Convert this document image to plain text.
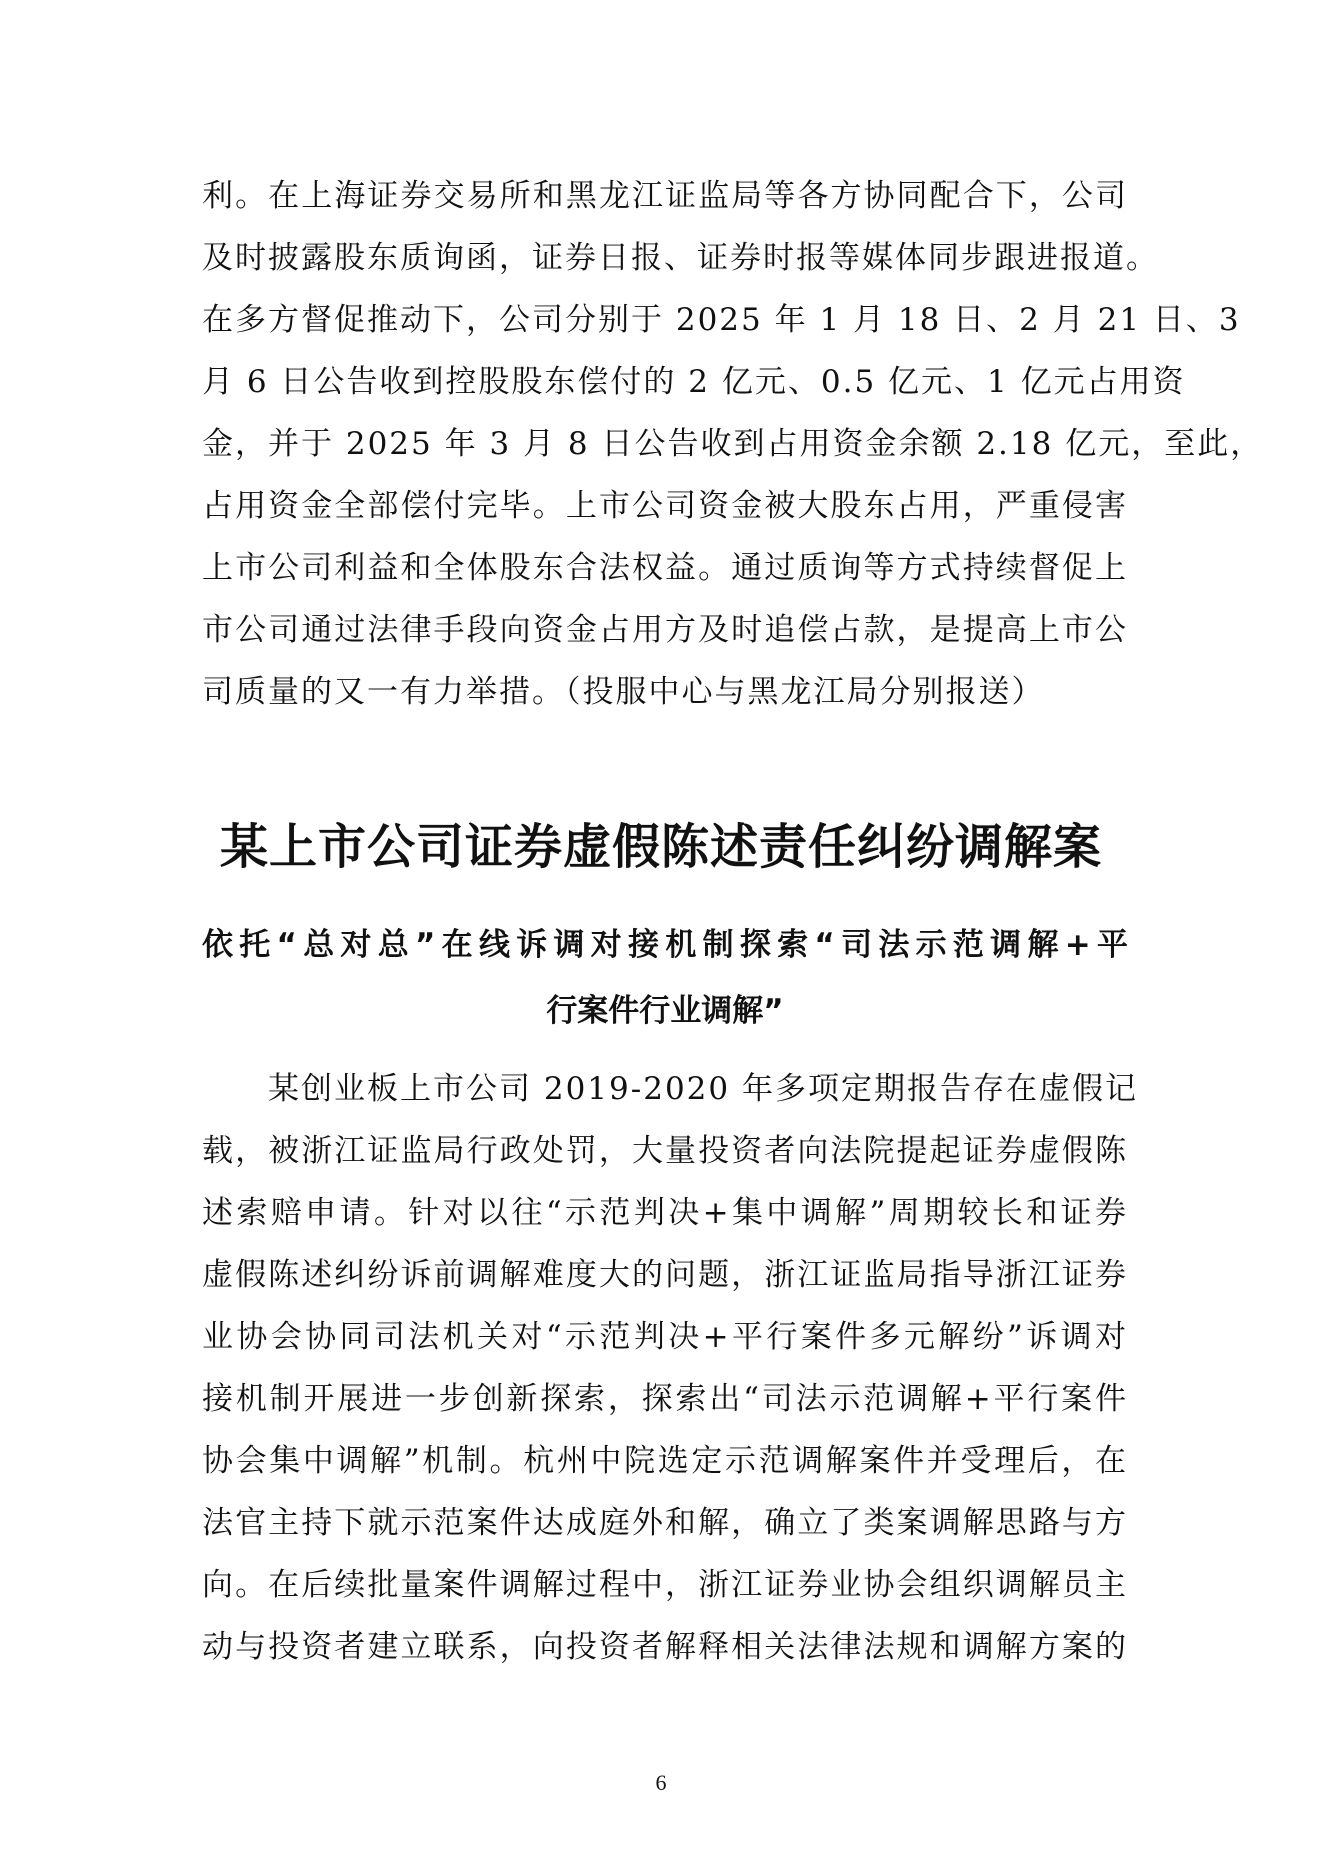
利。在上海证券交易所和黑龙江证监局等各方协同配合下，公司
及时披露股东质询函，证券日报、证券时报等媒体同步跟进报道。
在多方督促推动下，公司分别于 2025 年 1 月 18 日、2 月 21 日、3
月 6 日公告收到控股股东偿付的 2 亿元、0.5 亿元、1 亿元占用资
金，并于 2025 年 3 月 8 日公告收到占用资金余额 2.18 亿元，至此，
占用资金全部偿付完毕。上市公司资金被大股东占用，严重侵害
上市公司利益和全体股东合法权益。通过质询等方式持续督促上
市公司通过法律手段向资金占用方及时追偿占款，是提高上市公
司质量的又一有力举措。（投服中心与黑龙江局分别报送）
某上市公司证券虚假陈述责任纠纷调解案
依托“总对总”在线诉调对接机制探索“司法示范调解+平
行案件行业调解”
　　某创业板上市公司 2019-2020 年多项定期报告存在虚假记
载，被浙江证监局行政处罚，大量投资者向法院提起证券虚假陈
述索赔申请。针对以往“示范判决+集中调解”周期较长和证券
虚假陈述纠纷诉前调解难度大的问题，浙江证监局指导浙江证券
业协会协同司法机关对“示范判决+平行案件多元解纷”诉调对
接机制开展进一步创新探索，探索出“司法示范调解+平行案件
协会集中调解”机制。杭州中院选定示范调解案件并受理后，在
法官主持下就示范案件达成庭外和解，确立了类案调解思路与方
向。在后续批量案件调解过程中，浙江证券业协会组织调解员主
动与投资者建立联系，向投资者解释相关法律法规和调解方案的
6
